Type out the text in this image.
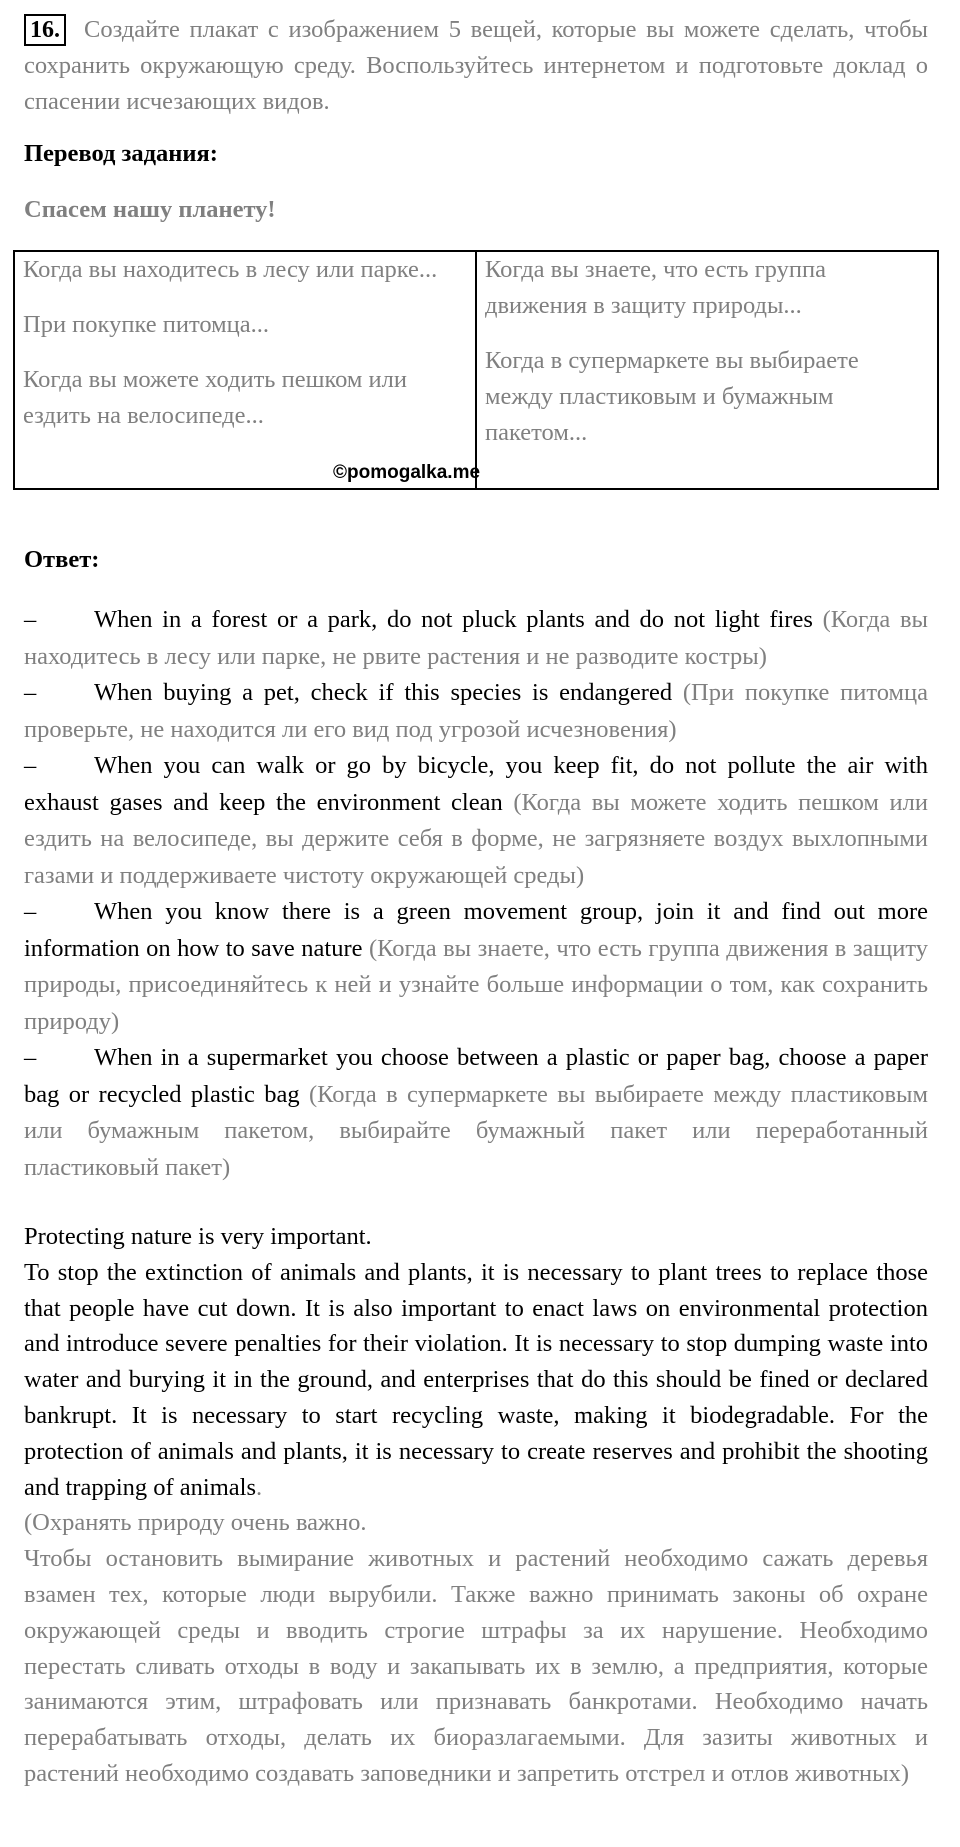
16. Создайте плакат с изображением 5 вещей, которые вы можете сделать, чтобы сохранить окружающую среду. Воспользуйтесь интернетом и подготовьте доклад о спасении исчезающих видов.
Перевод задания:
Спасем нашу планету!

Когда вы находитесь в лесу или парке...

При покупке питомца...

Когда вы можете ходить пешком или ездить на велосипеде...

Когда вы знаете, что есть группа движения в защиту природы...

Когда в супермаркете вы выбираете между пластиковым и бумажным пакетом...

©pomogalka.me
Ответ:

– When in a forest or a park, do not pluck plants and do not light fires (Когда вы находитесь в лесу или парке, не рвите растения и не разводите костры)

– When buying a pet, check if this species is endangered (При покупке питомца проверьте, не находится ли его вид под угрозой исчезновения)

– When you can walk or go by bicycle, you keep fit, do not pollute the air with exhaust gases and keep the environment clean (Когда вы можете ходить пешком или ездить на велосипеде, вы держите себя в форме, не загрязняете воздух выхлопными газами и поддерживаете чистоту окружающей среды)

– When you know there is a green movement group, join it and find out more information on how to save nature (Когда вы знаете, что есть группа движения в защиту природы, присоединяйтесь к ней и узнайте больше информации о том, как сохранить природу)

– When in a supermarket you choose between a plastic or paper bag, choose a paper bag or recycled plastic bag (Когда в супермаркете вы выбираете между пластиковым или бумажным пакетом, выбирайте бумажный пакет или переработанный пластиковый пакет)

Protecting nature is very important.

To stop the extinction of animals and plants, it is necessary to plant trees to replace those that people have cut down. It is also important to enact laws on environmental protection and introduce severe penalties for their violation. It is necessary to stop dumping waste into water and burying it in the ground, and enterprises that do this should be fined or declared bankrupt. It is necessary to start recycling waste, making it biodegradable. For the protection of animals and plants, it is necessary to create reserves and prohibit the shooting and trapping of animals.

(Охранять природу очень важно.

Чтобы остановить вымирание животных и растений необходимо сажать деревья взамен тех, которые люди вырубили. Также важно принимать законы об охране окружающей среды и вводить строгие штрафы за их нарушение. Необходимо перестать сливать отходы в воду и закапывать их в землю, а предприятия, которые занимаются этим, штрафовать или признавать банкротами. Необходимо начать перерабатывать отходы, делать их биоразлагаемыми. Для зазиты животных и растений необходимо создавать заповедники и запретить отстрел и отлов животных)
